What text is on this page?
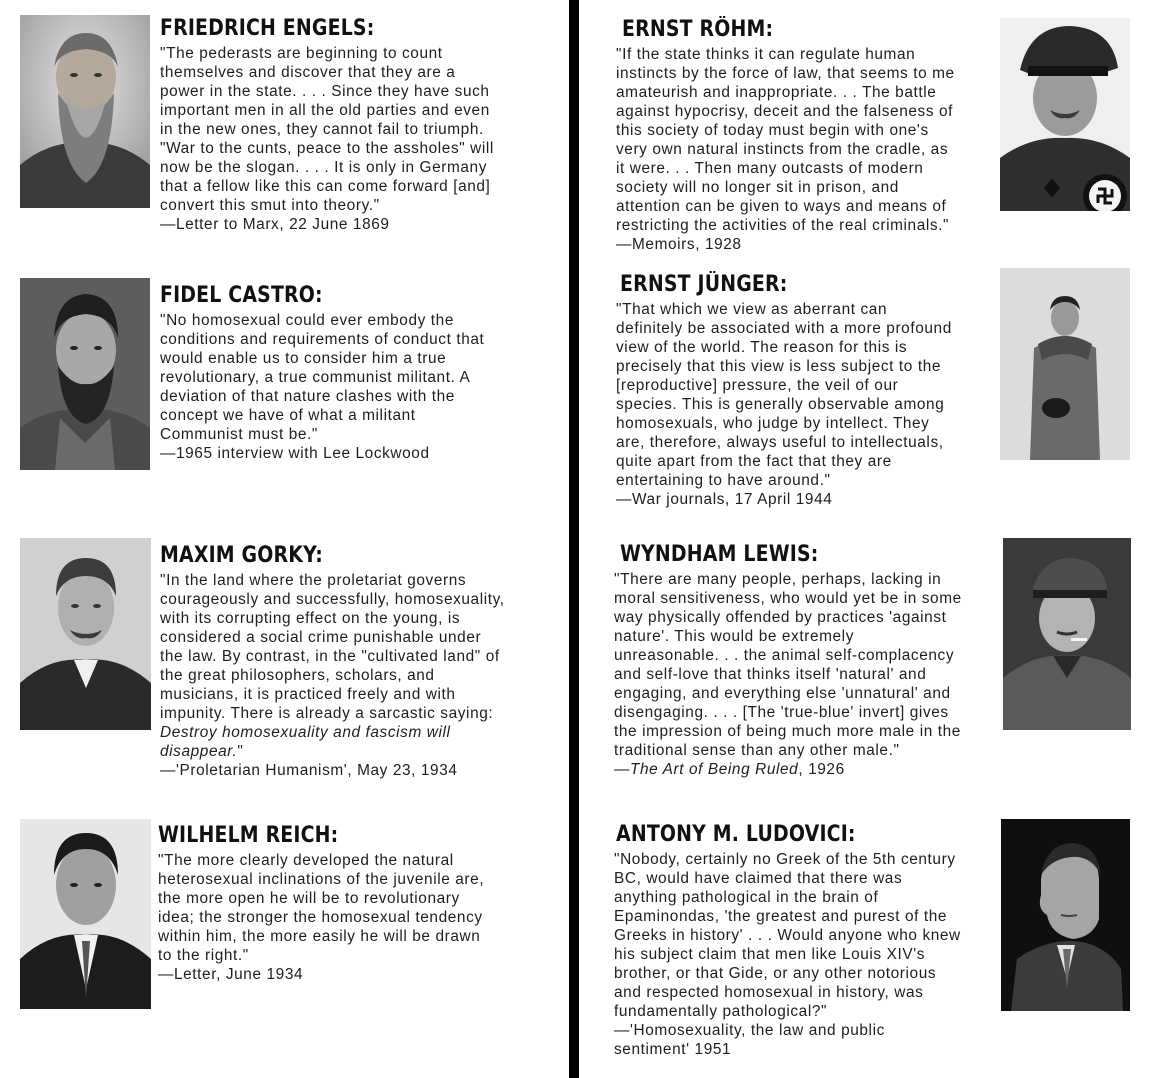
FRIEDRICH ENGELS:
"The pederasts are beginning to count
themselves and discover that they are a
power in the state. . . . Since they have such
important men in all the old parties and even
in the new ones, they cannot fail to triumph.
"War to the cunts, peace to the assholes" will
now be the slogan. . . . It is only in Germany
that a fellow like this can come forward [and]
convert this smut into theory."
—Letter to Marx, 22 June 1869
FIDEL CASTRO:
"No homosexual could ever embody the
conditions and requirements of conduct that
would enable us to consider him a true
revolutionary, a true communist militant. A
deviation of that nature clashes with the
concept we have of what a militant
Communist must be."
—1965 interview with Lee Lockwood
MAXIM GORKY:
"In the land where the proletariat governs
courageously and successfully, homosexuality,
with its corrupting effect on the young, is
considered a social crime punishable under
the law. By contrast, in the "cultivated land" of
the great philosophers, scholars, and
musicians, it is practiced freely and with
impunity. There is already a sarcastic saying:
Destroy homosexuality and fascism will
disappear."
—'Proletarian Humanism', May 23, 1934
WILHELM REICH:
"The more clearly developed the natural
heterosexual inclinations of the juvenile are,
the more open he will be to revolutionary
idea; the stronger the homosexual tendency
within him, the more easily he will be drawn
to the right."
—Letter, June 1934
ERNST RÖHM:
"If the state thinks it can regulate human
instincts by the force of law, that seems to me
amateurish and inappropriate. . . The battle
against hypocrisy, deceit and the falseness of
this society of today must begin with one's
very own natural instincts from the cradle, as
it were. . . Then many outcasts of modern
society will no longer sit in prison, and
attention can be given to ways and means of
restricting the activities of the real criminals."
—Memoirs, 1928
ERNST JÜNGER:
"That which we view as aberrant can
definitely be associated with a more profound
view of the world. The reason for this is
precisely that this view is less subject to the
[reproductive] pressure, the veil of our
species. This is generally observable among
homosexuals, who judge by intellect. They
are, therefore, always useful to intellectuals,
quite apart from the fact that they are
entertaining to have around."
—War journals, 17 April 1944
WYNDHAM LEWIS:
"There are many people, perhaps, lacking in
moral sensitiveness, who would yet be in some
way physically offended by practices 'against
nature'. This would be extremely
unreasonable. . . the animal self-complacency
and self-love that thinks itself 'natural' and
engaging, and everything else 'unnatural' and
disengaging. . . . [The 'true-blue' invert] gives
the impression of being much more male in the
traditional sense than any other male."
—The Art of Being Ruled, 1926
ANTONY M. LUDOVICI:
"Nobody, certainly no Greek of the 5th century
BC, would have claimed that there was
anything pathological in the brain of
Epaminondas, 'the greatest and purest of the
Greeks in history' . . . Would anyone who knew
his subject claim that men like Louis XIV's
brother, or that Gide, or any other notorious
and respected homosexual in history, was
fundamentally pathological?"
—'Homosexuality, the law and public
sentiment' 1951
